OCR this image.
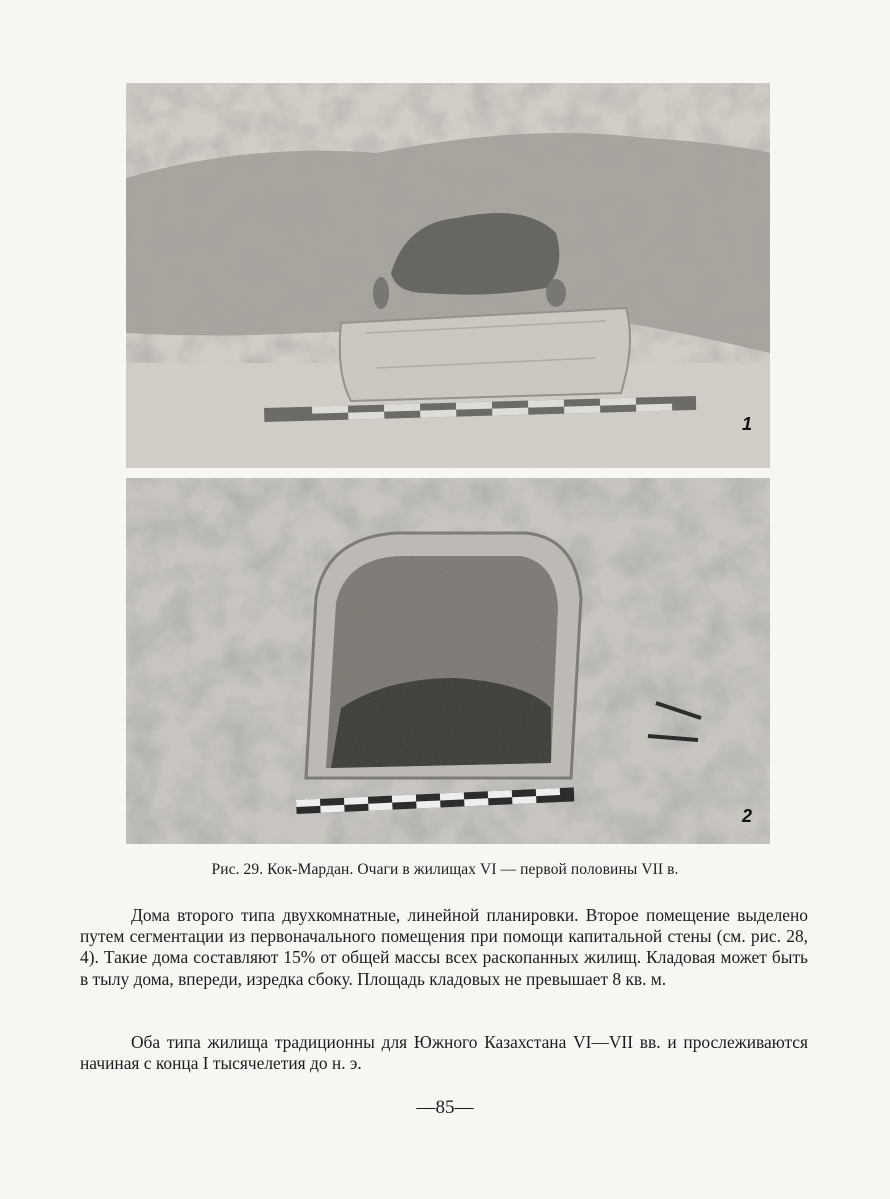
1
2
Рис. 29. Кок-Мардан. Очаги в жилищах VI — первой половины VII в.
Дома второго типа двухкомнатные, линейной планировки. Второе помещение выделено путем сегментации из первоначального помещения при помощи капитальной стены (см. рис. 28, 4). Такие дома составляют 15% от общей массы всех раскопанных жилищ. Кладовая может быть в тылу дома, впереди, изредка сбоку. Площадь кладовых не превышает 8 кв. м.
Оба типа жилища традиционны для Южного Казахстана VI—VII вв. и прослеживаются начиная с конца I тысячелетия до н. э.
—85—
